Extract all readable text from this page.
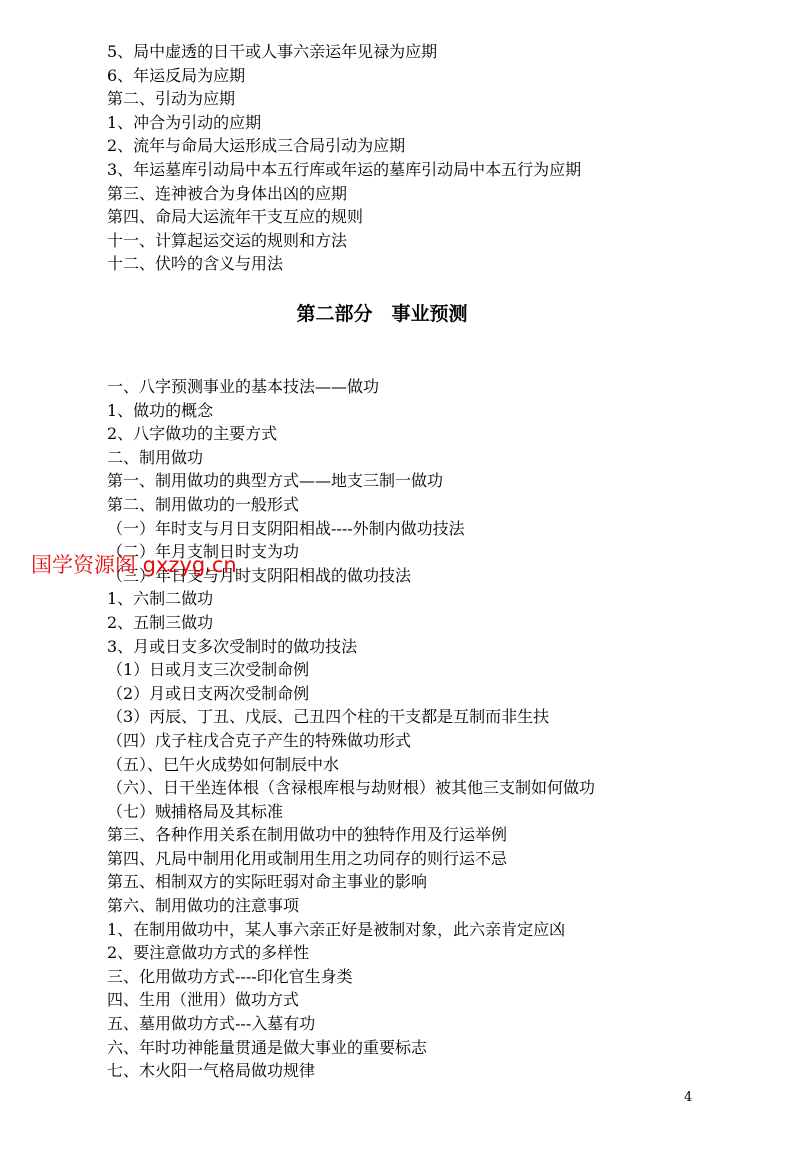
5、局中虚透的日干或人事六亲运年见禄为应期
6、年运反局为应期
第二、引动为应期
1、冲合为引动的应期
2、流年与命局大运形成三合局引动为应期
3、年运墓库引动局中本五行库或年运的墓库引动局中本五行为应期
第三、连神被合为身体出凶的应期
第四、命局大运流年干支互应的规则
十一、计算起运交运的规则和方法
十二、伏吟的含义与用法
第二部分　事业预测
一、八字预测事业的基本技法——做功
1、做功的概念
2、八字做功的主要方式
二、制用做功
第一、制用做功的典型方式——地支三制一做功
第二、制用做功的一般形式
（一）年时支与月日支阴阳相战----外制内做功技法
（二）年月支制日时支为功
（三）年日支与月时支阴阳相战的做功技法
1、六制二做功
2、五制三做功
3、月或日支多次受制时的做功技法
（1）日或月支三次受制命例
（2）月或日支两次受制命例
（3）丙辰、丁丑、戊辰、己丑四个柱的干支都是互制而非生扶
（四）戊子柱戊合克子产生的特殊做功形式
（五）、巳午火成势如何制辰中水
（六）、日干坐连体根（含禄根库根与劫财根）被其他三支制如何做功
（七）贼捕格局及其标准
第三、各种作用关系在制用做功中的独特作用及行运举例
第四、凡局中制用化用或制用生用之功同存的则行运不忌
第五、相制双方的实际旺弱对命主事业的影响
第六、制用做功的注意事项
1、在制用做功中，某人事六亲正好是被制对象，此六亲肯定应凶
2、要注意做功方式的多样性
三、化用做功方式----印化官生身类
四、生用（泄用）做功方式
五、墓用做功方式---入墓有功
六、年时功神能量贯通是做大事业的重要标志
七、木火阳一气格局做功规律
国学资源阁 gxzyg.cn
4
